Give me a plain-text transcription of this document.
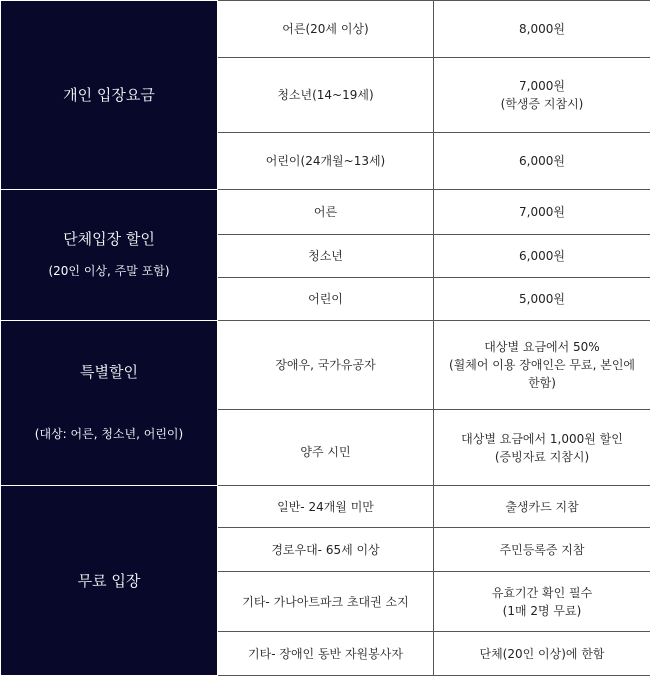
개인 입장요금	어른(20세 이상)	8,000원

	청소년(14~19세)	7,000원
(학생증 지참시)

	어린이(24개월~13세)	6,000원

단체입장 할인
(20인 이상, 주말 포함)	어른	7,000원

	청소년	6,000원

	어린이	5,000원

특별할인
(대상: 어른, 청소년, 어린이)	장애우, 국가유공자	대상별 요금에서 50%
(휠체어 이용 장애인은 무료, 본인에
한함)

	양주 시민	대상별 요금에서 1,000원 할인
(증빙자료 지참시)

무료 입장	일반- 24개월 미만	출생카드 지참

	경로우대- 65세 이상	주민등록증 지참

	기타- 가나아트파크 초대권 소지	유효기간 확인 필수
(1매 2명 무료)

	기타- 장애인 동반 자원봉사자	단체(20인 이상)에 한함
